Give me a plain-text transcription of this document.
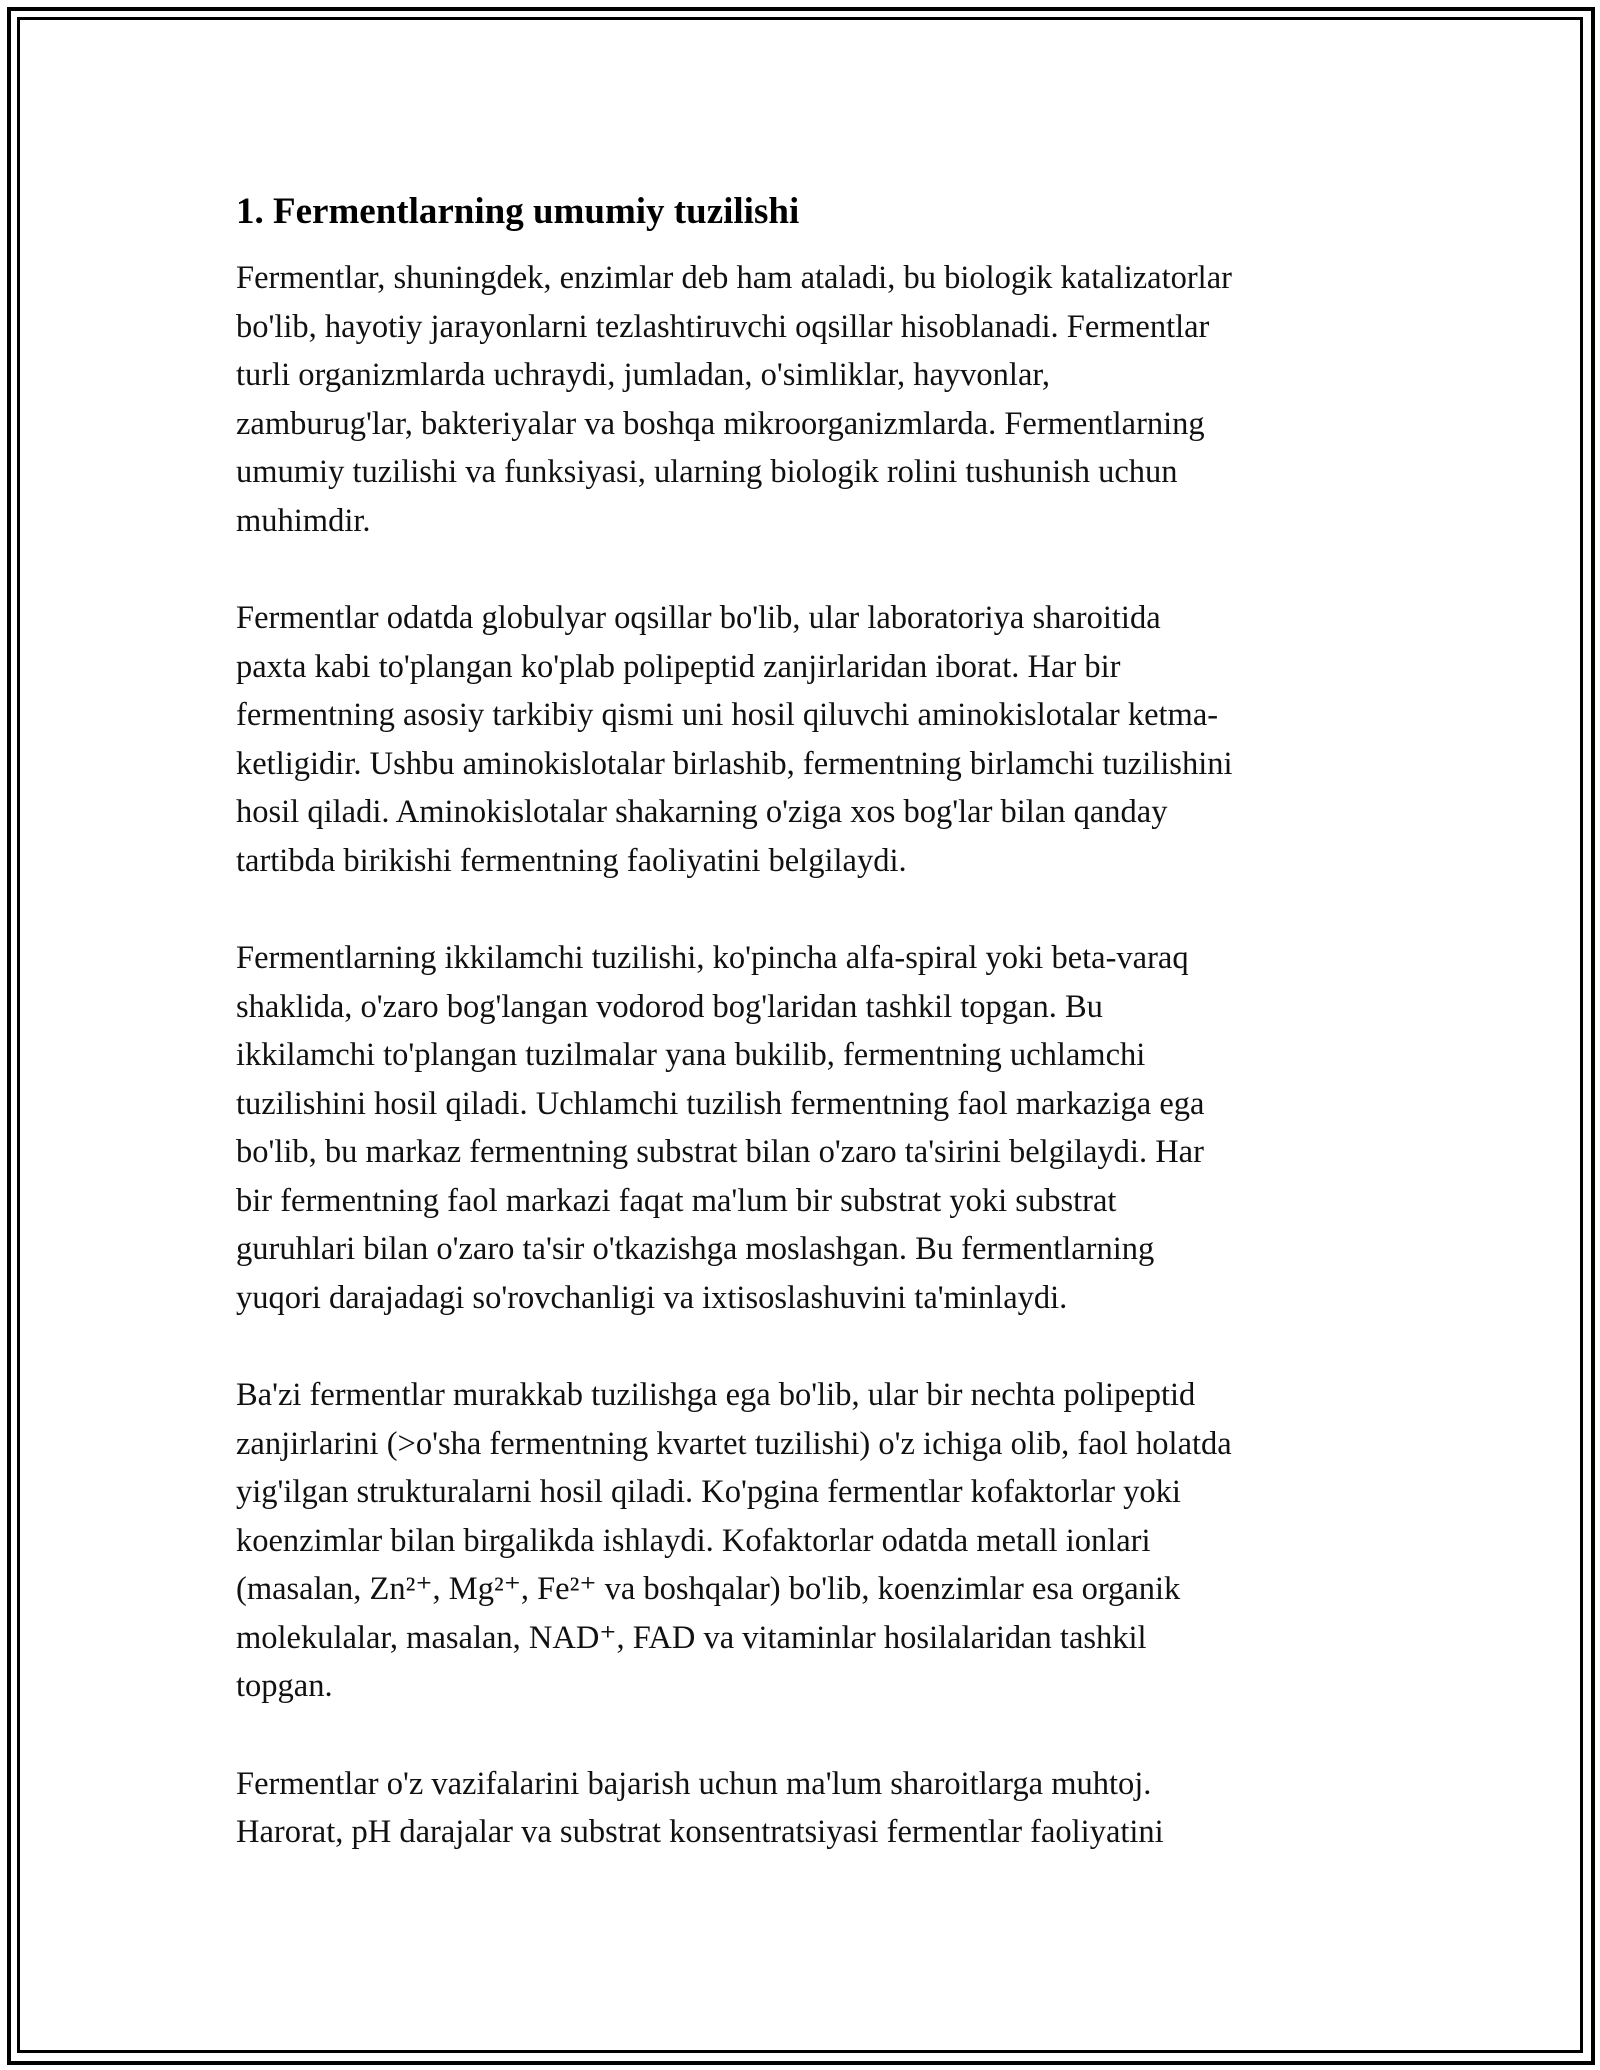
1. Fermentlarning umumiy tuzilishi

Fermentlar, shuningdek, enzimlar deb ham ataladi, bu biologik katalizatorlar
bo'lib, hayotiy jarayonlarni tezlashtiruvchi oqsillar hisoblanadi. Fermentlar
turli organizmlarda uchraydi, jumladan, o'simliklar, hayvonlar,
zamburug'lar, bakteriyalar va boshqa mikroorganizmlarda. Fermentlarning
umumiy tuzilishi va funksiyasi, ularning biologik rolini tushunish uchun
muhimdir.

Fermentlar odatda globulyar oqsillar bo'lib, ular laboratoriya sharoitida
paxta kabi to'plangan ko'plab polipeptid zanjirlaridan iborat. Har bir
fermentning asosiy tarkibiy qismi uni hosil qiluvchi aminokislotalar ketma-
ketligidir. Ushbu aminokislotalar birlashib, fermentning birlamchi tuzilishini
hosil qiladi. Aminokislotalar shakarning o'ziga xos bog'lar bilan qanday
tartibda birikishi fermentning faoliyatini belgilaydi.

Fermentlarning ikkilamchi tuzilishi, ko'pincha alfa-spiral yoki beta-varaq
shaklida, o'zaro bog'langan vodorod bog'laridan tashkil topgan. Bu
ikkilamchi to'plangan tuzilmalar yana bukilib, fermentning uchlamchi
tuzilishini hosil qiladi. Uchlamchi tuzilish fermentning faol markaziga ega
bo'lib, bu markaz fermentning substrat bilan o'zaro ta'sirini belgilaydi. Har
bir fermentning faol markazi faqat ma'lum bir substrat yoki substrat
guruhlari bilan o'zaro ta'sir o'tkazishga moslashgan. Bu fermentlarning
yuqori darajadagi so'rovchanligi va ixtisoslashuvini ta'minlaydi.

Ba'zi fermentlar murakkab tuzilishga ega bo'lib, ular bir nechta polipeptid
zanjirlarini (>o'sha fermentning kvartet tuzilishi) o'z ichiga olib, faol holatda
yig'ilgan strukturalarni hosil qiladi. Ko'pgina fermentlar kofaktorlar yoki
koenzimlar bilan birgalikda ishlaydi. Kofaktorlar odatda metall ionlari
(masalan, Zn²⁺, Mg²⁺, Fe²⁺ va boshqalar) bo'lib, koenzimlar esa organik
molekulalar, masalan, NAD⁺, FAD va vitaminlar hosilalaridan tashkil
topgan.

Fermentlar o'z vazifalarini bajarish uchun ma'lum sharoitlarga muhtoj.
Harorat, pH darajalar va substrat konsentratsiyasi fermentlar faoliyatini
